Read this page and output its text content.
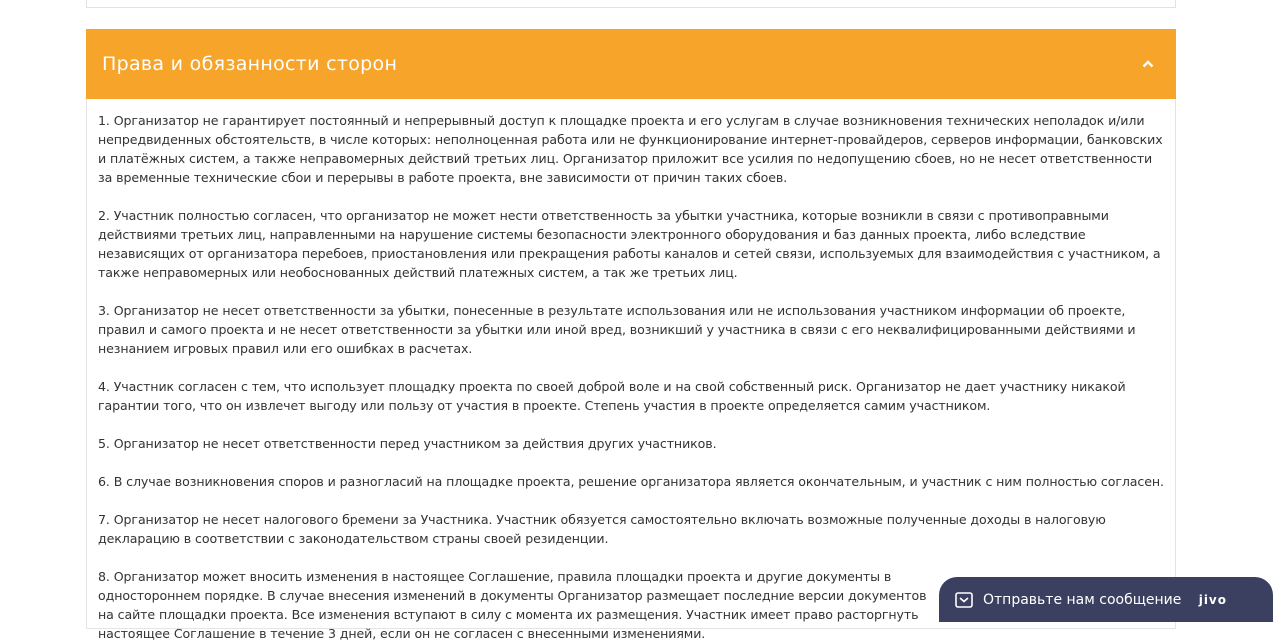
Права и обязанности сторон

1. Организатор не гарантирует постоянный и непрерывный доступ к площадке проекта и его услугам в случае возникновения технических неполадок и/или непредвиденных обстоятельств, в числе которых: неполноценная работа или не функционирование интернет-провайдеров, серверов информации, банковских и платёжных систем, а также неправомерных действий третьих лиц. Организатор приложит все усилия по недопущению сбоев, но не несет ответственности за временные технические сбои и перерывы в работе проекта, вне зависимости от причин таких сбоев.

2. Участник полностью согласен, что организатор не может нести ответственность за убытки участника, которые возникли в связи с противоправными действиями третьих лиц, направленными на нарушение системы безопасности электронного оборудования и баз данных проекта, либо вследствие независящих от организатора перебоев, приостановления или прекращения работы каналов и сетей связи, используемых для взаимодействия с участником, а также неправомерных или необоснованных действий платежных систем, а так же третьих лиц.

3. Организатор не несет ответственности за убытки, понесенные в результате использования или не использования участником информации об проекте, правил и самого проекта и не несет ответственности за убытки или иной вред, возникший у участника в связи с его неквалифицированными действиями и незнанием игровых правил или его ошибках в расчетах.

4. Участник согласен с тем, что использует площадку проекта по своей доброй воле и на свой собственный риск. Организатор не дает участнику никакой гарантии того, что он извлечет выгоду или пользу от участия в проекте. Степень участия в проекте определяется самим участником.

5. Организатор не несет ответственности перед участником за действия других участников.

6. В случае возникновения споров и разногласий на площадке проекта, решение организатора является окончательным, и участник с ним полностью согласен.

7. Организатор не несет налогового бремени за Участника. Участник обязуется самостоятельно включать возможные полученные доходы в налоговую декларацию в соответствии с законодательством страны своей резиденции.

8. Организатор может вносить изменения в настоящее Соглашение, правила площадки проекта и другие документы в одностороннем порядке. В случае внесения изменений в документы Организатор размещает последние версии документов на сайте площадки проекта. Все изменения вступают в силу с момента их размещения. Участник имеет право расторгнуть настоящее Соглашение в течение 3 дней, если он не согласен с внесенными изменениями.

Отправьте нам сообщение jivo
